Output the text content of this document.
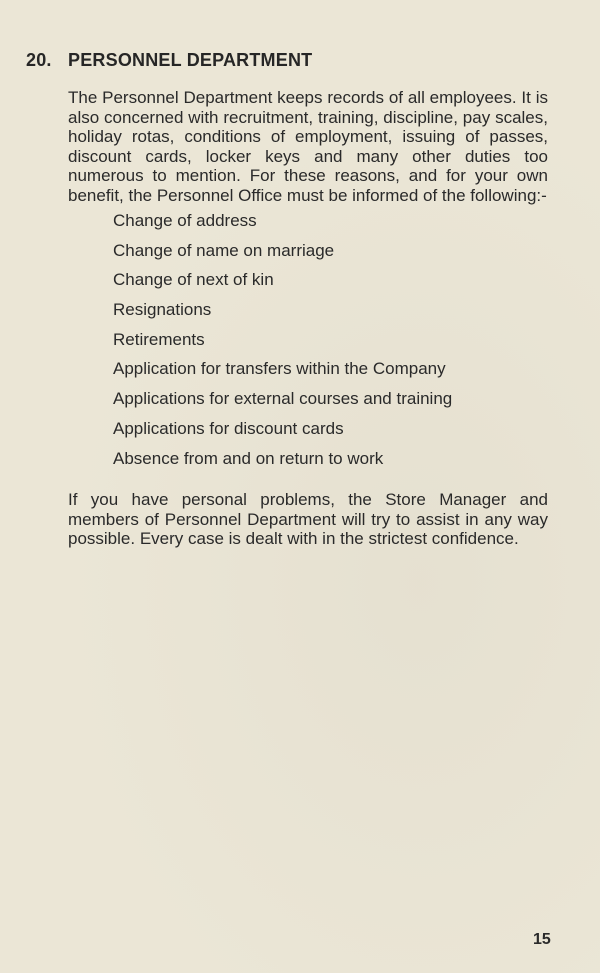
20. PERSONNEL DEPARTMENT

The Personnel Department keeps records of all employees. It is also concerned with recruitment, training, discipline, pay scales, holiday rotas, conditions of employment, issuing of passes, discount cards, locker keys and many other duties too numerous to mention. For these reasons, and for your own benefit, the Personnel Office must be informed of the following:-

Change of address
Change of name on marriage
Change of next of kin
Resignations
Retirements
Application for transfers within the Company
Applications for external courses and training
Applications for discount cards
Absence from and on return to work

If you have personal problems, the Store Manager and members of Personnel Department will try to assist in any way possible. Every case is dealt with in the strictest confidence.

15
